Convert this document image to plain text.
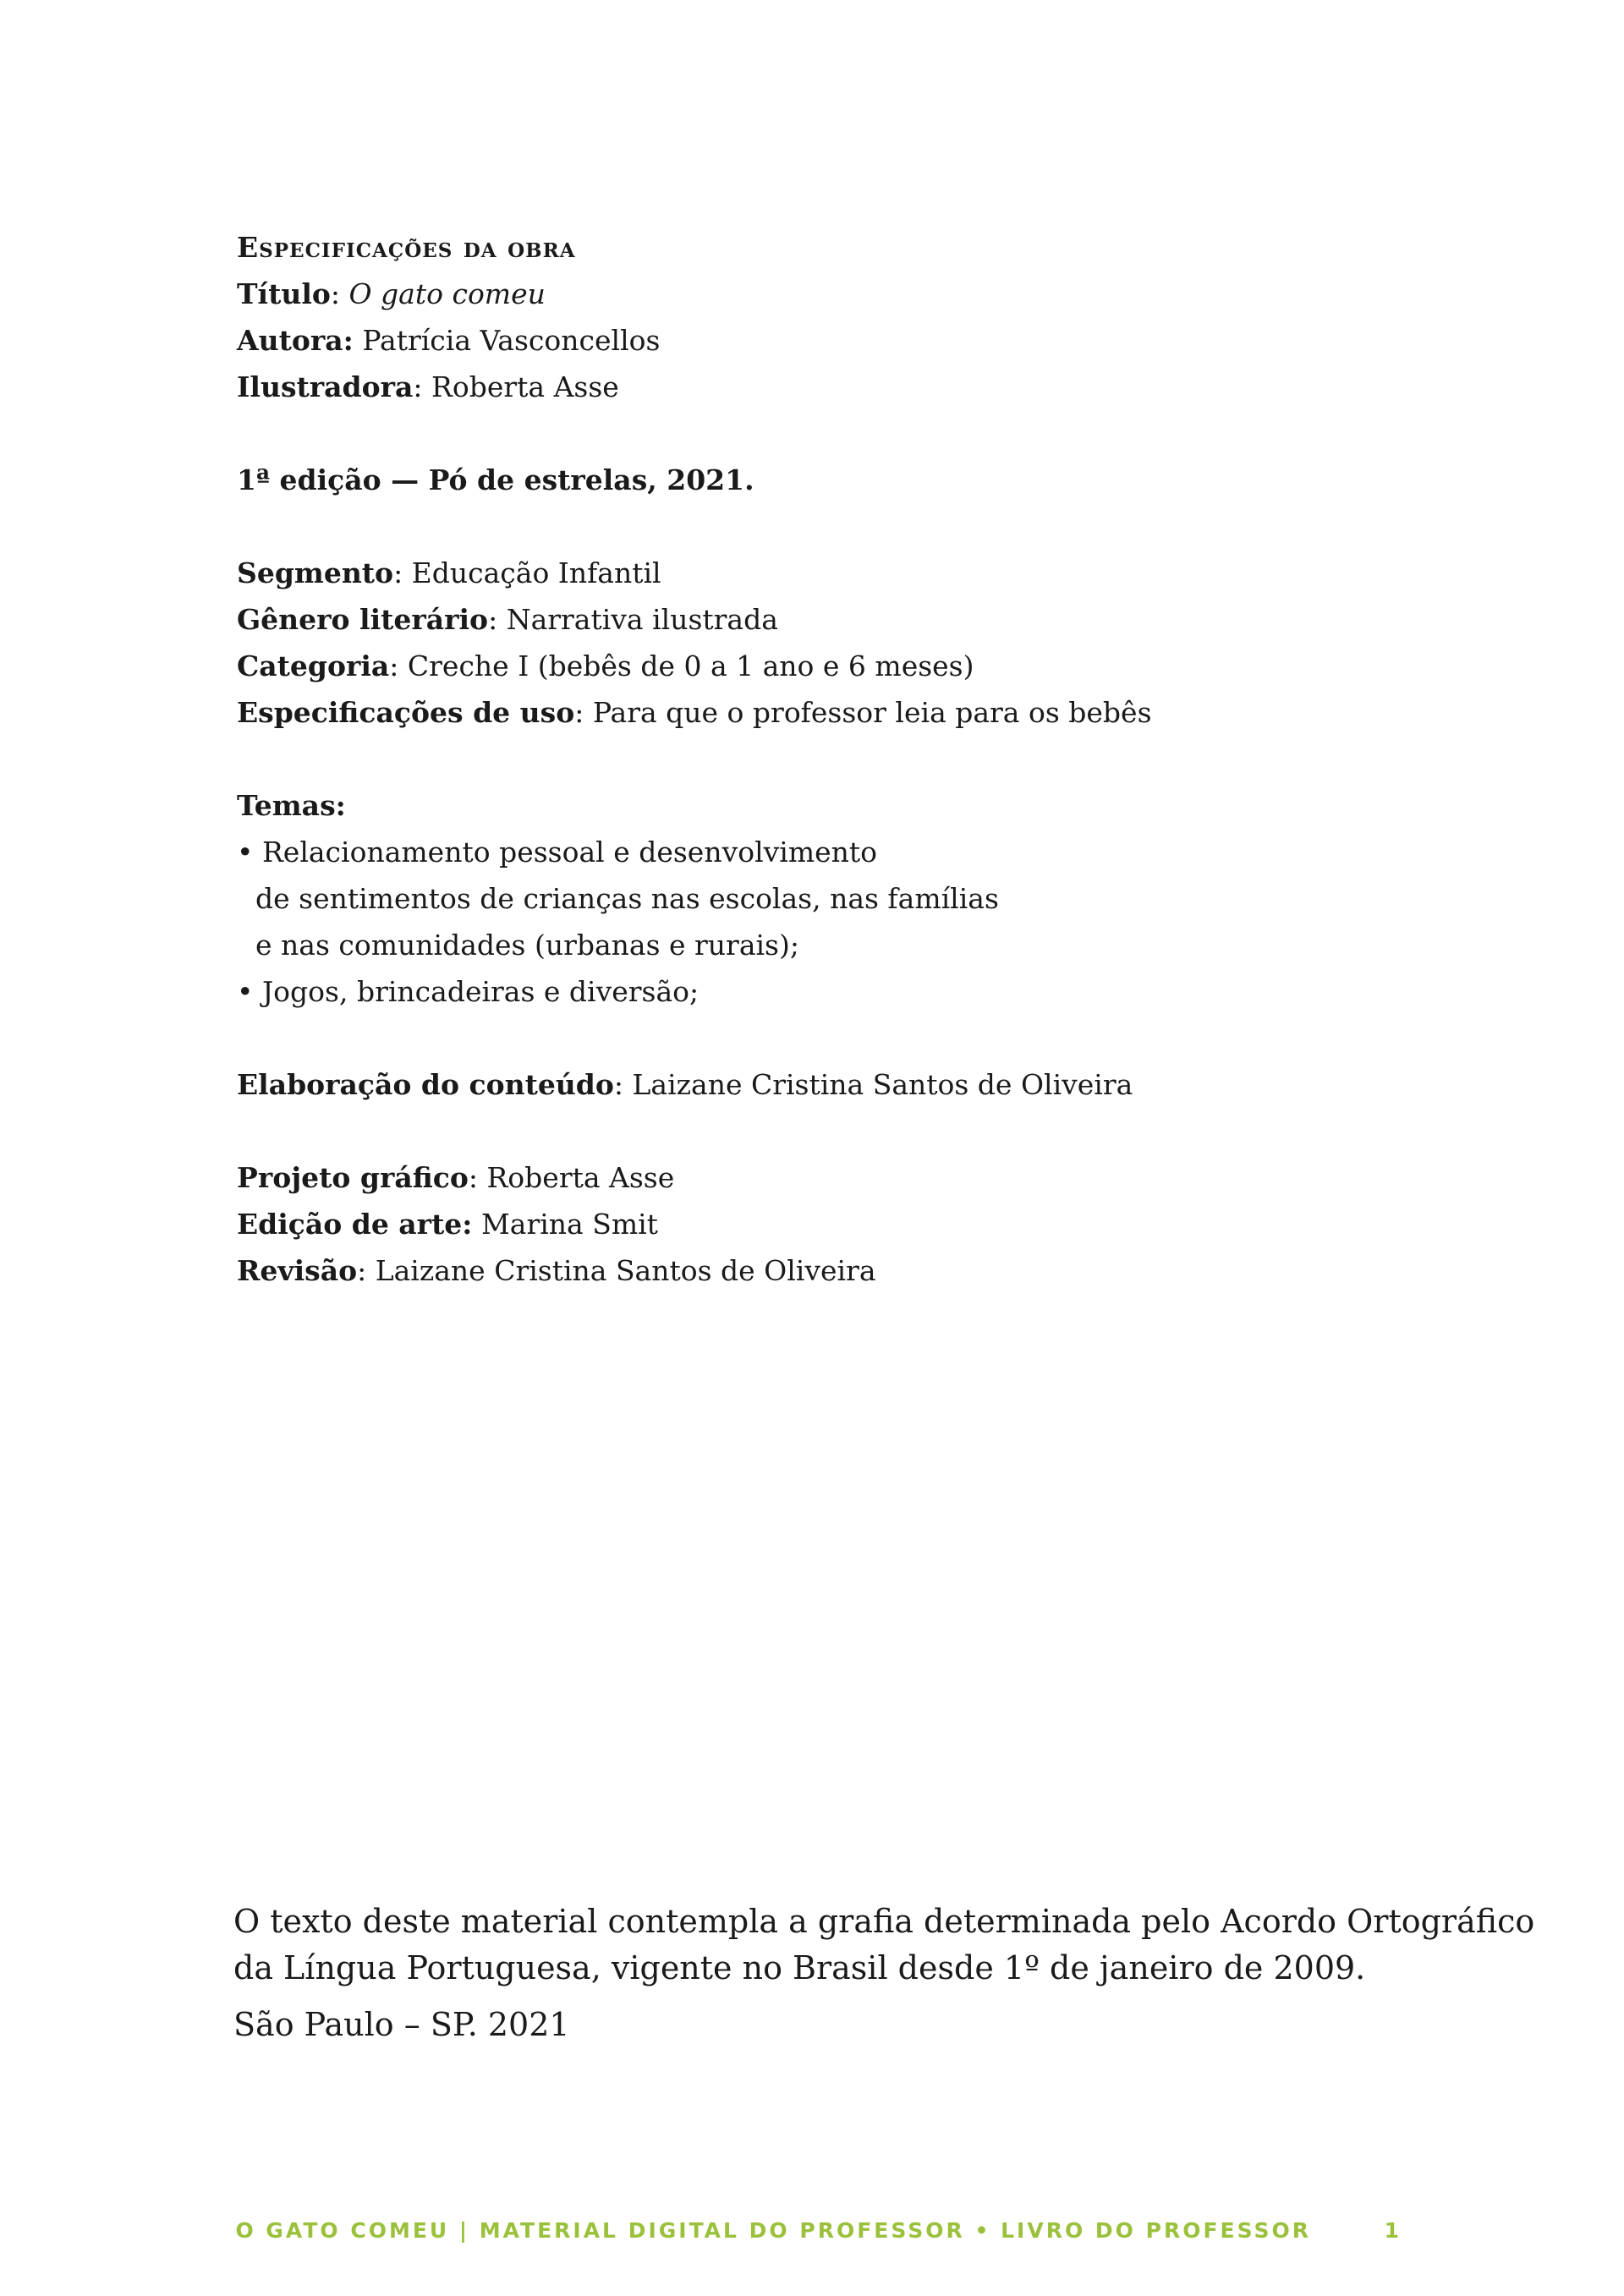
Especificações da obra
Título: O gato comeu
Autora: Patrícia Vasconcellos
Ilustradora: Roberta Asse
1ª edição — Pó de estrelas, 2021.
Segmento: Educação Infantil
Gênero literário: Narrativa ilustrada
Categoria: Creche I (bebês de 0 a 1 ano e 6 meses)
Especificações de uso: Para que o professor leia para os bebês
Temas:
• Relacionamento pessoal e desenvolvimento
de sentimentos de crianças nas escolas, nas famílias
e nas comunidades (urbanas e rurais);
• Jogos, brincadeiras e diversão;
Elaboração do conteúdo: Laizane Cristina Santos de Oliveira
Projeto gráfico: Roberta Asse
Edição de arte: Marina Smit
Revisão: Laizane Cristina Santos de Oliveira
O texto deste material contempla a grafia determinada pelo Acordo Ortográfico
da Língua Portuguesa, vigente no Brasil desde 1º de janeiro de 2009.
São Paulo – SP. 2021
O GATO COMEU | MATERIAL DIGITAL DO PROFESSOR • LIVRO DO PROFESSOR	1
